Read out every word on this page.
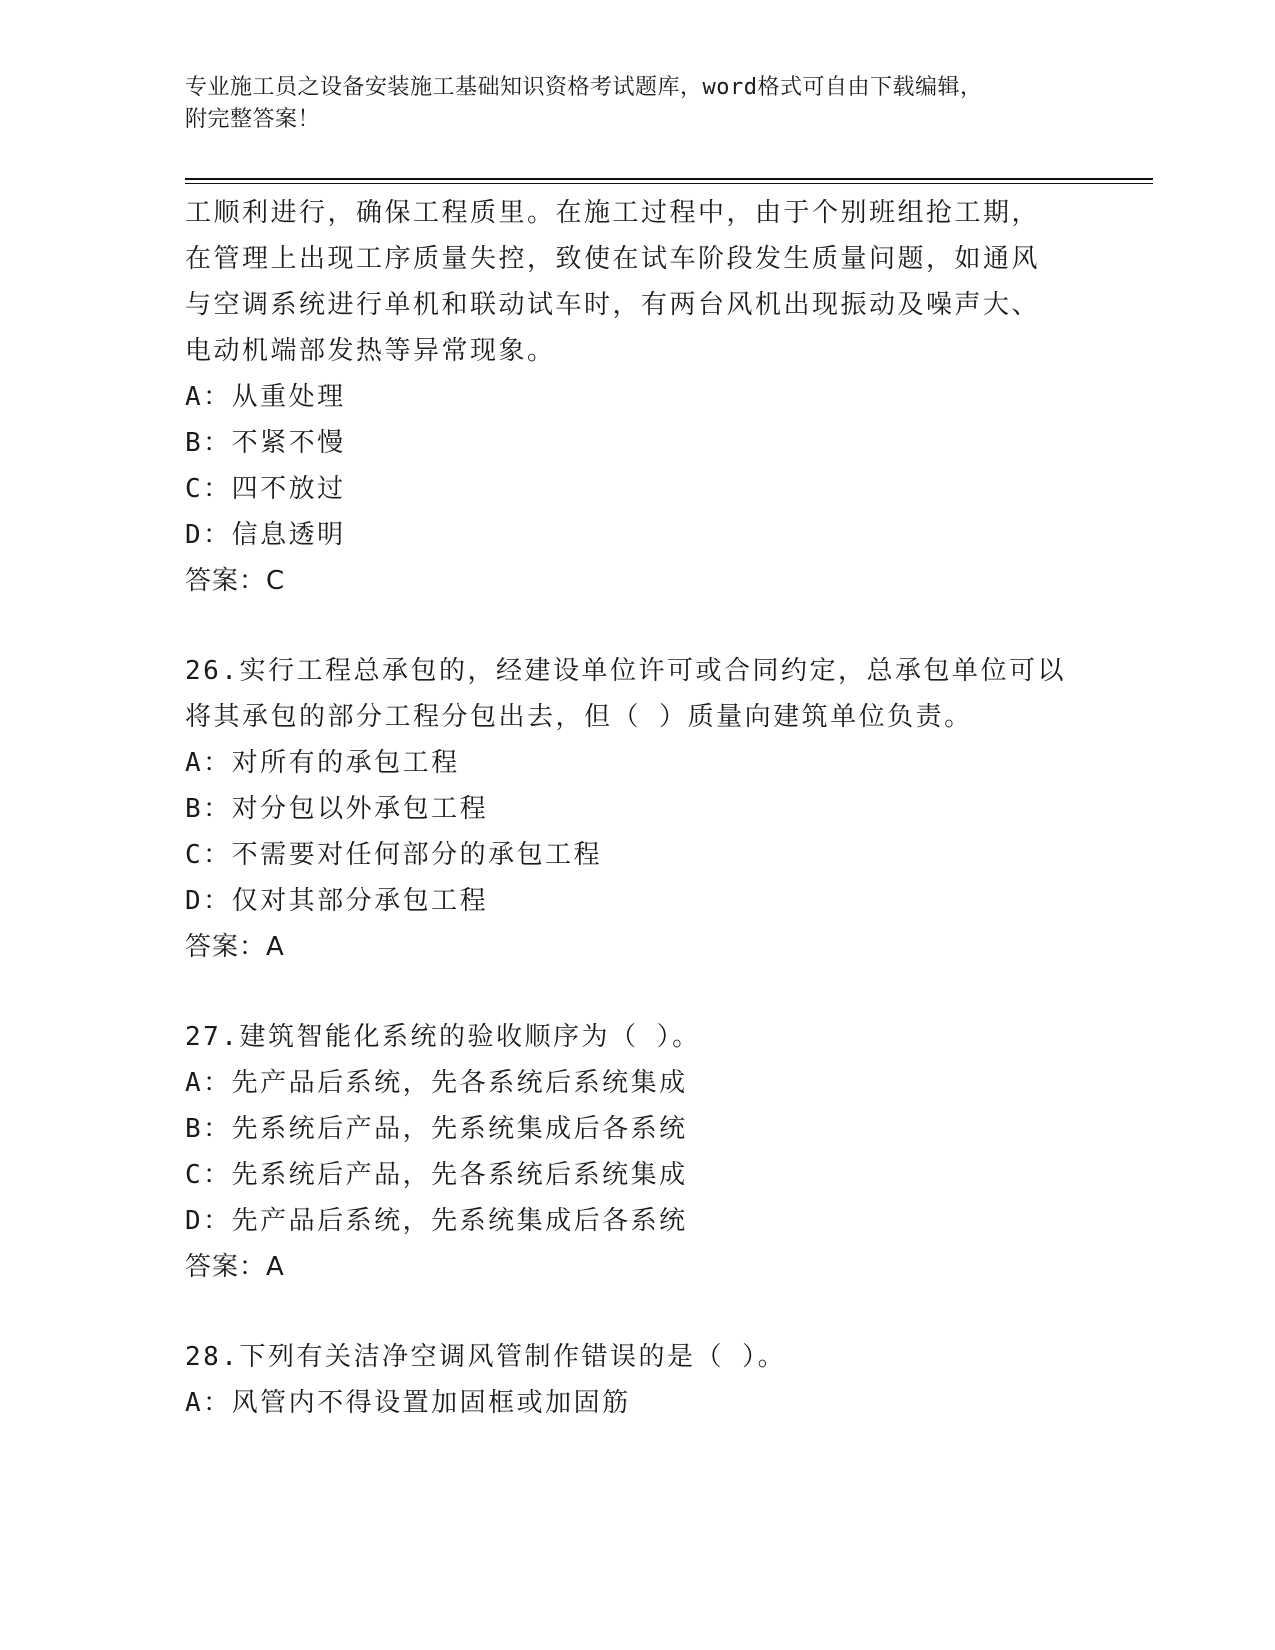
专业施工员之设备安装施工基础知识资格考试题库，word格式可自由下载编辑，
附完整答案！
工顺利进行，确保工程质里。在施工过程中，由于个别班组抢工期，
在管理上出现工序质量失控，致使在试车阶段发生质量问题，如通风
与空调系统进行单机和联动试车时，有两台风机出现振动及噪声大、
电动机端部发热等异常现象。
A：从重处理
B：不紧不慢
C：四不放过
D：信息透明
答案：C
26.实行工程总承包的，经建设单位许可或合同约定，总承包单位可以
将其承包的部分工程分包出去，但（ ）质量向建筑单位负责。
A：对所有的承包工程
B：对分包以外承包工程
C：不需要对任何部分的承包工程
D：仅对其部分承包工程
答案：A
27.建筑智能化系统的验收顺序为（ ）。
A：先产品后系统，先各系统后系统集成
B：先系统后产品，先系统集成后各系统
C：先系统后产品，先各系统后系统集成
D：先产品后系统，先系统集成后各系统
答案：A
28.下列有关洁净空调风管制作错误的是（ ）。
A：风管内不得设置加固框或加固筋
